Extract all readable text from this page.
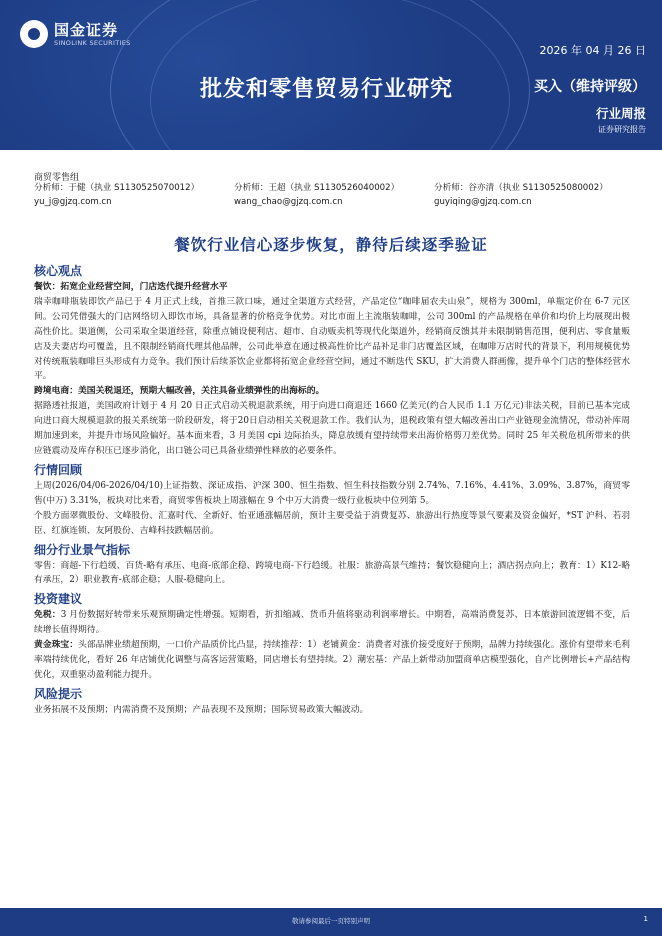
国金证券
SINOLINK SECURITIES
2026 年 04 月 26 日
批发和零售贸易行业研究	买入（维持评级）
行业周报
证券研究报告
商贸零售组
分析师：于健（执业 S1130525070012）
yu_j@gjzq.com.cn
分析师：王超（执业 S1130526040002）
wang_chao@gjzq.com.cn
分析师：谷亦清（执业 S1130525080002）
guyiqing@gjzq.com.cn
餐饮行业信心逐步恢复，静待后续逐季验证
核心观点
餐饮：拓宽企业经营空间，门店迭代提升经营水平
瑞幸咖啡瓶装即饮产品已于 4 月正式上线，首推三款口味，通过全渠道方式经营，产品定位“咖啡届农夫山泉”，规格为 300ml，单瓶定价在 6-7 元区间。公司凭借强大的门店网络切入即饮市场，具备显著的价格竞争优势。对比市面上主流瓶装咖啡，公司 300ml 的产品规格在单价和均价上均展现出极高性价比。渠道侧，公司采取全渠道经营，除重点铺设便利店、超市、自动贩卖机等现代化渠道外，经销商反馈其并未限制销售范围，便利店、零食量贩店及夫妻店均可覆盖，且不限制经销商代理其他品牌，公司此举意在通过极高性价比产品补足非门店覆盖区域，在咖啡万店时代的背景下，利用规模优势对传统瓶装咖啡巨头形成有力竞争。我们预计后续茶饮企业都将拓宽企业经营空间，通过不断迭代 SKU，扩大消费人群画像，提升单个门店的整体经营水平。
跨境电商：美国关税退还，预期大幅改善，关注具备业绩弹性的出海标的。
据路透社报道，美国政府计划于 4 月 20 日正式启动关税退款系统，用于向进口商退还 1660 亿美元(约合人民币 1.1 万亿元)非法关税，目前已基本完成向进口商大规模退款的报关系统第一阶段研发，将于20日启动相关关税退款工作。我们认为，退税政策有望大幅改善出口产业链现金流情况，带动补库周期加速到来，并提升市场风险偏好。基本面来看，3 月美国 cpi 边际抬头，降息放缓有望持续带来出海价格剪刀差优势。同时 25 年关税危机所带来的供应链震动及库存积压已逐步消化，出口链公司已具备业绩弹性释放的必要条件。
行情回顾
上周(2026/04/06-2026/04/10)上证指数、深证成指、沪深 300、恒生指数、恒生科技指数分别 2.74%、7.16%、4.41%、3.09%、3.87%，商贸零售(中万) 3.31%，板块对比来看，商贸零售板块上周涨幅在 9 个中万大消费一级行业板块中位列第 5。
个股方面翠微股份、文峰股份、汇嘉时代、全新好、怡亚通涨幅居前，预计主要受益于消费复苏、旅游出行热度等景气要素及资金偏好，*ST 沪科、若羽臣、红旗连锁、友阿股份、吉峰科技跌幅居前。
细分行业景气指标
零售：商超-下行趋缓、百货-略有承压、电商-底部企稳、跨境电商-下行趋缓。社服：旅游高景气维持；餐饮稳健向上；酒店拐点向上；教育：1）K12-略有承压，2）职业教育-底部企稳；人服-稳健向上。
投资建议
免税：3 月份数据好转带来乐观预期确定性增强。短期看，折扣缩减、货币升值将驱动利润率增长。中期看，高端消费复苏、日本旅游回流逻辑不变，后续增长值得期待。
黄金珠宝：头部品牌业绩超预期，一口价产品质价比凸显，持续推荐：1）老铺黄金：消费者对涨价接受度好于预期，品牌力持续强化。涨价有望带来毛利率端持续优化，看好 26 年店铺优化调整与高客运营策略，同店增长有望持续。2）潮宏基：产品上新带动加盟商单店模型强化，自产比例增长+产品结构优化，双重驱动盈利能力提升。
风险提示
业务拓展不及预期；内需消费不及预期；产品表现不及预期；国际贸易政策大幅波动。
敬请参阅最后一页特别声明	1
